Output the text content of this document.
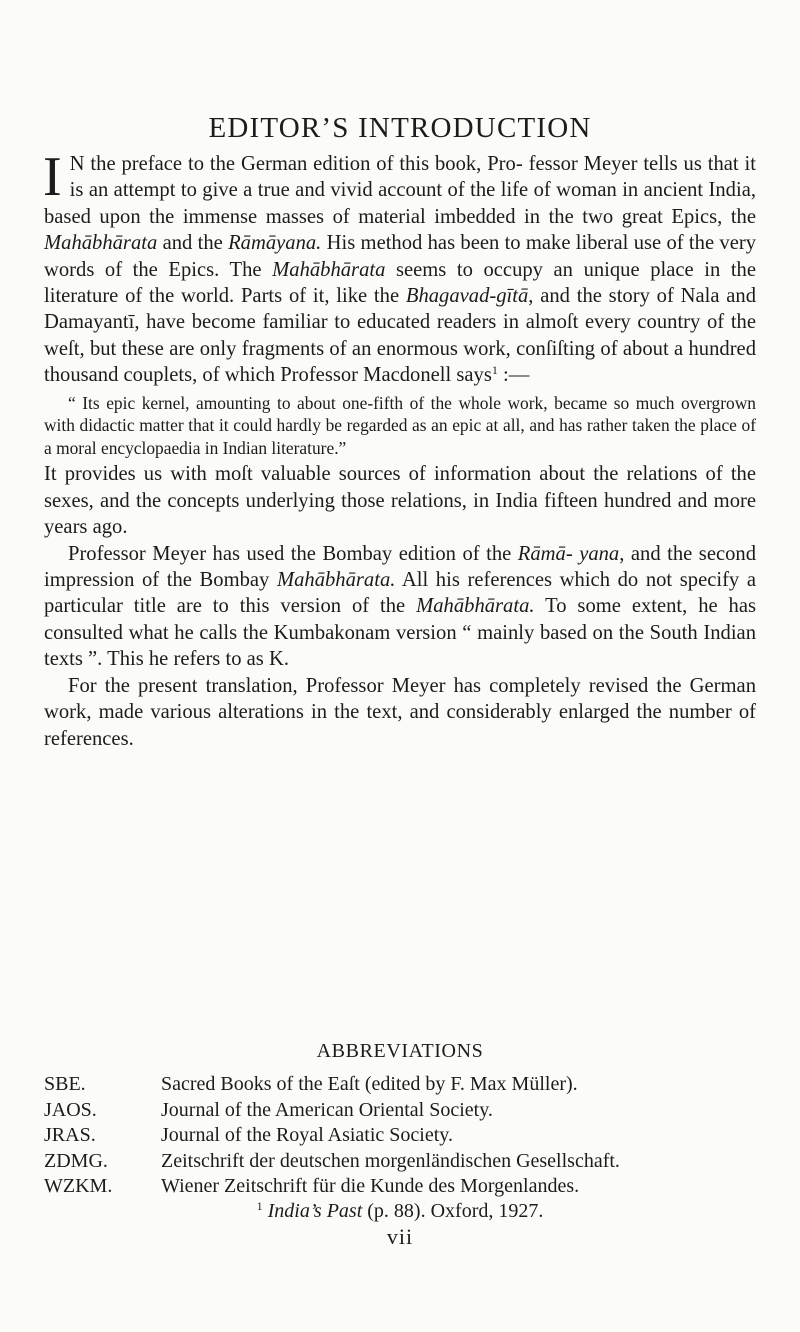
EDITOR’S INTRODUCTION

I N the preface to the German edition of this book, Pro- fessor Meyer tells us that it is an attempt to give a true and vivid account of the life of woman in ancient India, based upon the immense masses of material imbedded in the two great Epics, the Mahābhārata and the Rāmāyana. His method has been to make liberal use of the very words of the Epics. The Mahābhārata seems to occupy an unique place in the literature of the world. Parts of it, like the Bhagavad-gītā, and the story of Nala and Damayantī, have become familiar to educated readers in almoſt every country of the weſt, but these are only fragments of an enormous work, conſiſting of about a hundred thousand couplets, of which Professor Macdonell says$^1$ :—

“ Its epic kernel, amounting to about one-fifth of the whole work, became so much overgrown with didactic matter that it could hardly be regarded as an epic at all, and has rather taken the place of a moral encyclopaedia in Indian literature.”

It provides us with moſt valuable sources of information about the relations of the sexes, and the concepts underlying those relations, in India fifteen hundred and more years ago.

Professor Meyer has used the Bombay edition of the Rāmā- yana, and the second impression of the Bombay Mahābhārata. All his references which do not specify a particular title are to this version of the Mahābhārata. To some extent, he has consulted what he calls the Kumbakonam version “ mainly based on the South Indian texts ”. This he refers to as K.

For the present translation, Professor Meyer has completely revised the German work, made various alterations in the text, and considerably enlarged the number of references.

ABBREVIATIONS
SBE.	Sacred Books of the Eaſt (edited by F. Max Müller).
JAOS.	Journal of the American Oriental Society.
JRAS.	Journal of the Royal Asiatic Society.
ZDMG.	Zeitschrift der deutschen morgenländischen Gesellschaft.
WZKM.	Wiener Zeitschrift für die Kunde des Morgenlandes.
$^1$ India’s Past (p. 88). Oxford, 1927.
vii
